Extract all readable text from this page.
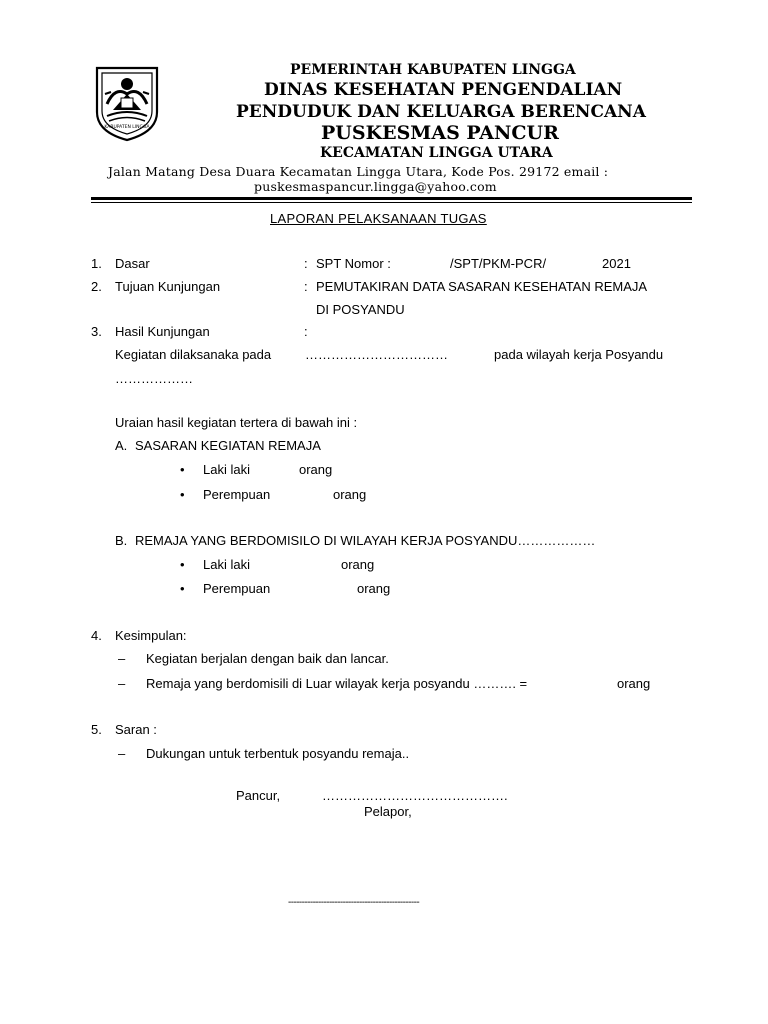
KABUPATEN LINGGA
PEMERINTAH KABUPATEN LINGGA
DINAS KESEHATAN PENGENDALIAN
PENDUDUK DAN KELUARGA BERENCANA
PUSKESMAS PANCUR
KECAMATAN LINGGA UTARA
Jalan Matang Desa Duara Kecamatan Lingga Utara, Kode Pos. 29172 email :
puskesmaspancur.lingga@yahoo.com
LAPORAN PELAKSANAAN TUGAS
1. Dasar	: SPT Nomor :	/SPT/PKM-PCR/	2021
2. Tujuan Kunjungan	: PEMUTAKIRAN DATA SASARAN KESEHATAN REMAJA
DI POSYANDU
3. Hasil Kunjungan	:
Kegiatan dilaksanaka pada	……………………………	pada wilayah kerja Posyandu
………………
Uraian hasil kegiatan tertera di bawah ini :
A. SASARAN KEGIATAN REMAJA
• Laki laki	orang
• Perempuan	orang
B. REMAJA YANG BERDOMISILO DI WILAYAH KERJA POSYANDU………………
• Laki laki	orang
• Perempuan	orang
4. Kesimpulan:
– Kegiatan berjalan dengan baik dan lancar.
– Remaja yang berdomisili di Luar wilayak kerja posyandu ………. =	orang
5. Saran :
– Dukungan untuk terbentuk posyandu remaja..
Pancur,	…………………………………….
Pelapor,
------------------------------------------------
